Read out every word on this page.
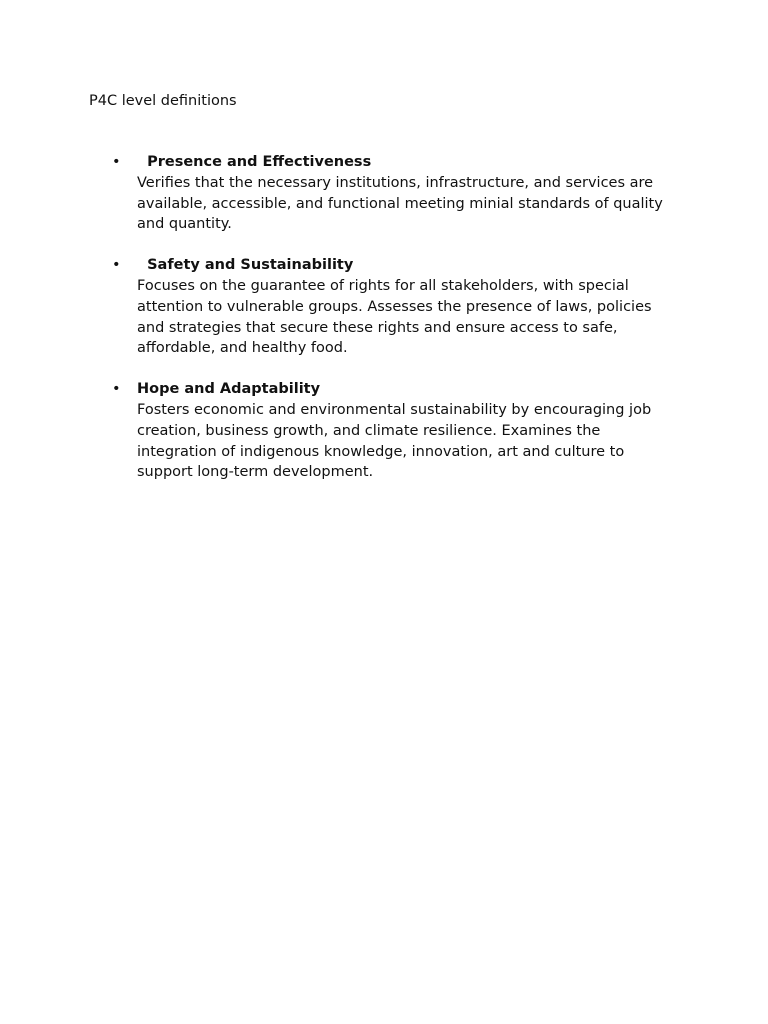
P4C level definitions
• Presence and Effectiveness
Verifies that the necessary institutions, infrastructure, and services are available, accessible, and functional meeting minial standards of quality and quantity.
• Safety and Sustainability
Focuses on the guarantee of rights for all stakeholders, with special attention to vulnerable groups. Assesses the presence of laws, policies and strategies that secure these rights and ensure access to safe, affordable, and healthy food.
• Hope and Adaptability
Fosters economic and environmental sustainability by encouraging job creation, business growth, and climate resilience. Examines the integration of indigenous knowledge, innovation, art and culture to support long-term development.
